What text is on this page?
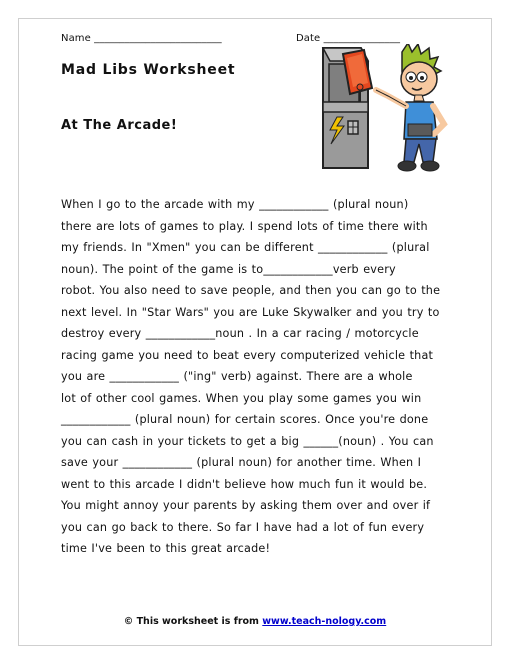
Name _________________________	Date _______________
Mad Libs Worksheet
At The Arcade!
When I go to the arcade with my ____________ (plural noun)
there are lots of games to play. I spend lots of time there with
my friends. In "Xmen" you can be different ____________ (plural
noun). The point of the game is to____________verb every
robot. You also need to save people, and then you can go to the
next level. In "Star Wars" you are Luke Skywalker and you try to
destroy every ____________noun . In a car racing / motorcycle
racing game you need to beat every computerized vehicle that
you are ____________ ("ing" verb) against. There are a whole
lot of other cool games. When you play some games you win
____________ (plural noun) for certain scores. Once you're done
you can cash in your tickets to get a big ______(noun) . You can
save your ____________ (plural noun) for another time. When I
went to this arcade I didn't believe how much fun it would be.
You might annoy your parents by asking them over and over if
you can go back to there. So far I have had a lot of fun every
time I've been to this great arcade!
© This worksheet is from www.teach-nology.com
